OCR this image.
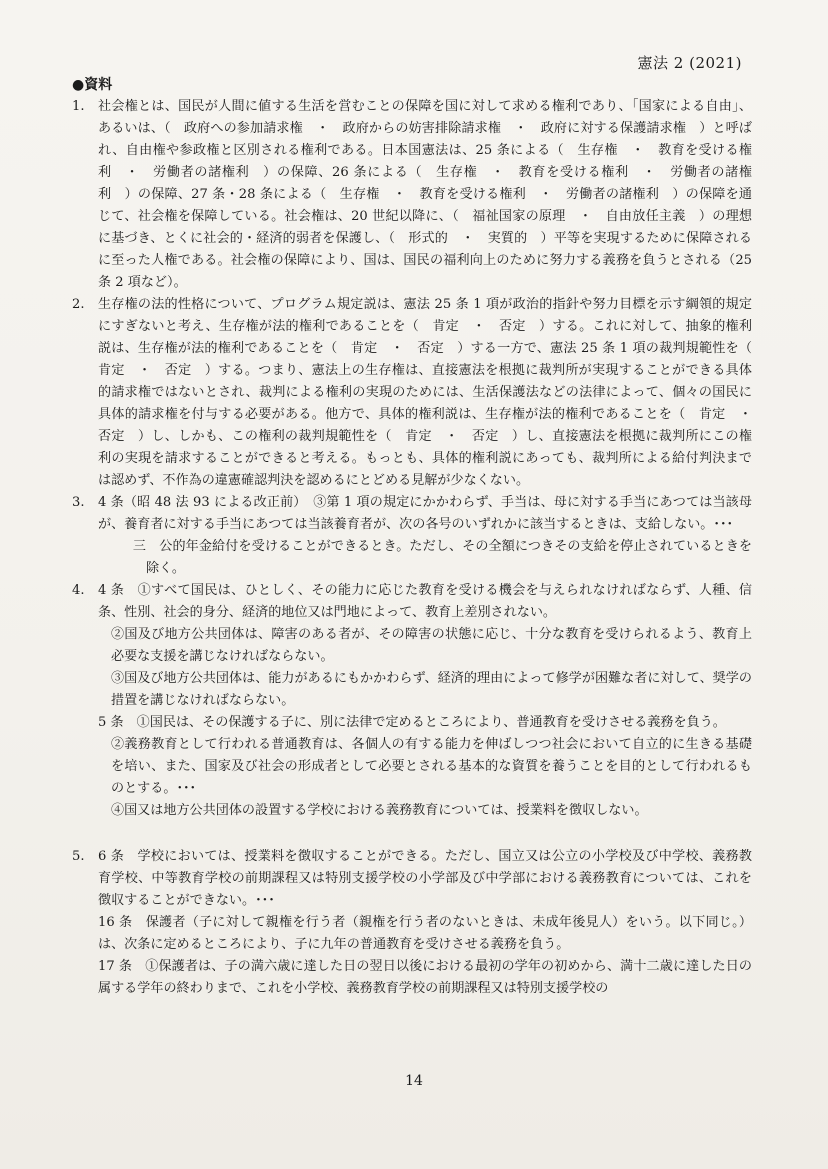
憲法 2 (2021)
●資料
1. 社会権とは、国民が人間に値する生活を営むことの保障を国に対して求める権利であり、「国家による自由」、あるいは、（　政府への参加請求権　・　政府からの妨害排除請求権　・　政府に対する保護請求権　）と呼ばれ、自由権や参政権と区別される権利である。日本国憲法は、25 条による（　生存権　・　教育を受ける権利　・　労働者の諸権利　）の保障、26 条による（　生存権　・　教育を受ける権利　・　労働者の諸権利　）の保障、27 条・28 条による（　生存権　・　教育を受ける権利　・　労働者の諸権利　）の保障を通じて、社会権を保障している。社会権は、20 世紀以降に、（　福祉国家の原理　・　自由放任主義　）の理想に基づき、とくに社会的・経済的弱者を保護し、（　形式的　・　実質的　）平等を実現するために保障されるに至った人権である。社会権の保障により、国は、国民の福利向上のために努力する義務を負うとされる（25 条 2 項など）。

2. 生存権の法的性格について、プログラム規定説は、憲法 25 条 1 項が政治的指針や努力目標を示す綱領的規定にすぎないと考え、生存権が法的権利であることを（　肯定　・　否定　）する。これに対して、抽象的権利説は、生存権が法的権利であることを（　肯定　・　否定　）する一方で、憲法 25 条 1 項の裁判規範性を（　肯定　・　否定　）する。つまり、憲法上の生存権は、直接憲法を根拠に裁判所が実現することができる具体的請求権ではないとされ、裁判による権利の実現のためには、生活保護法などの法律によって、個々の国民に具体的請求権を付与する必要がある。他方で、具体的権利説は、生存権が法的権利であることを（　肯定　・　否定　）し、しかも、この権利の裁判規範性を（　肯定　・　否定　）し、直接憲法を根拠に裁判所にこの権利の実現を請求することができると考える。もっとも、具体的権利説にあっても、裁判所による給付判決までは認めず、不作為の違憲確認判決を認めるにとどめる見解が少なくない。

3. 4 条（昭 48 法 93 による改正前）　③第 1 項の規定にかかわらず、手当は、母に対する手当にあつては当該母が、養育者に対する手当にあつては当該養育者が、次の各号のいずれかに該当するときは、支給しない。･･･

三　公的年金給付を受けることができるとき。ただし、その全額につきその支給を停止されているときを除く。

4. 4 条　①すべて国民は、ひとしく、その能力に応じた教育を受ける機会を与えられなければならず、人種、信条、性別、社会的身分、経済的地位又は門地によって、教育上差別されない。

②国及び地方公共団体は、障害のある者が、その障害の状態に応じ、十分な教育を受けられるよう、教育上必要な支援を講じなければならない。

③国及び地方公共団体は、能力があるにもかかわらず、経済的理由によって修学が困難な者に対して、奨学の措置を講じなければならない。

5 条　①国民は、その保護する子に、別に法律で定めるところにより、普通教育を受けさせる義務を負う。

②義務教育として行われる普通教育は、各個人の有する能力を伸ばしつつ社会において自立的に生きる基礎を培い、また、国家及び社会の形成者として必要とされる基本的な資質を養うことを目的として行われるものとする。･･･

④国又は地方公共団体の設置する学校における義務教育については、授業料を徴収しない。

5. 6 条　学校においては、授業料を徴収することができる。ただし、国立又は公立の小学校及び中学校、義務教育学校、中等教育学校の前期課程又は特別支援学校の小学部及び中学部における義務教育については、これを徴収することができない。･･･

16 条　保護者（子に対して親権を行う者（親権を行う者のないときは、未成年後見人）をいう。以下同じ。）は、次条に定めるところにより、子に九年の普通教育を受けさせる義務を負う。

17 条　①保護者は、子の満六歳に達した日の翌日以後における最初の学年の初めから、満十二歳に達した日の属する学年の終わりまで、これを小学校、義務教育学校の前期課程又は特別支援学校の

14
